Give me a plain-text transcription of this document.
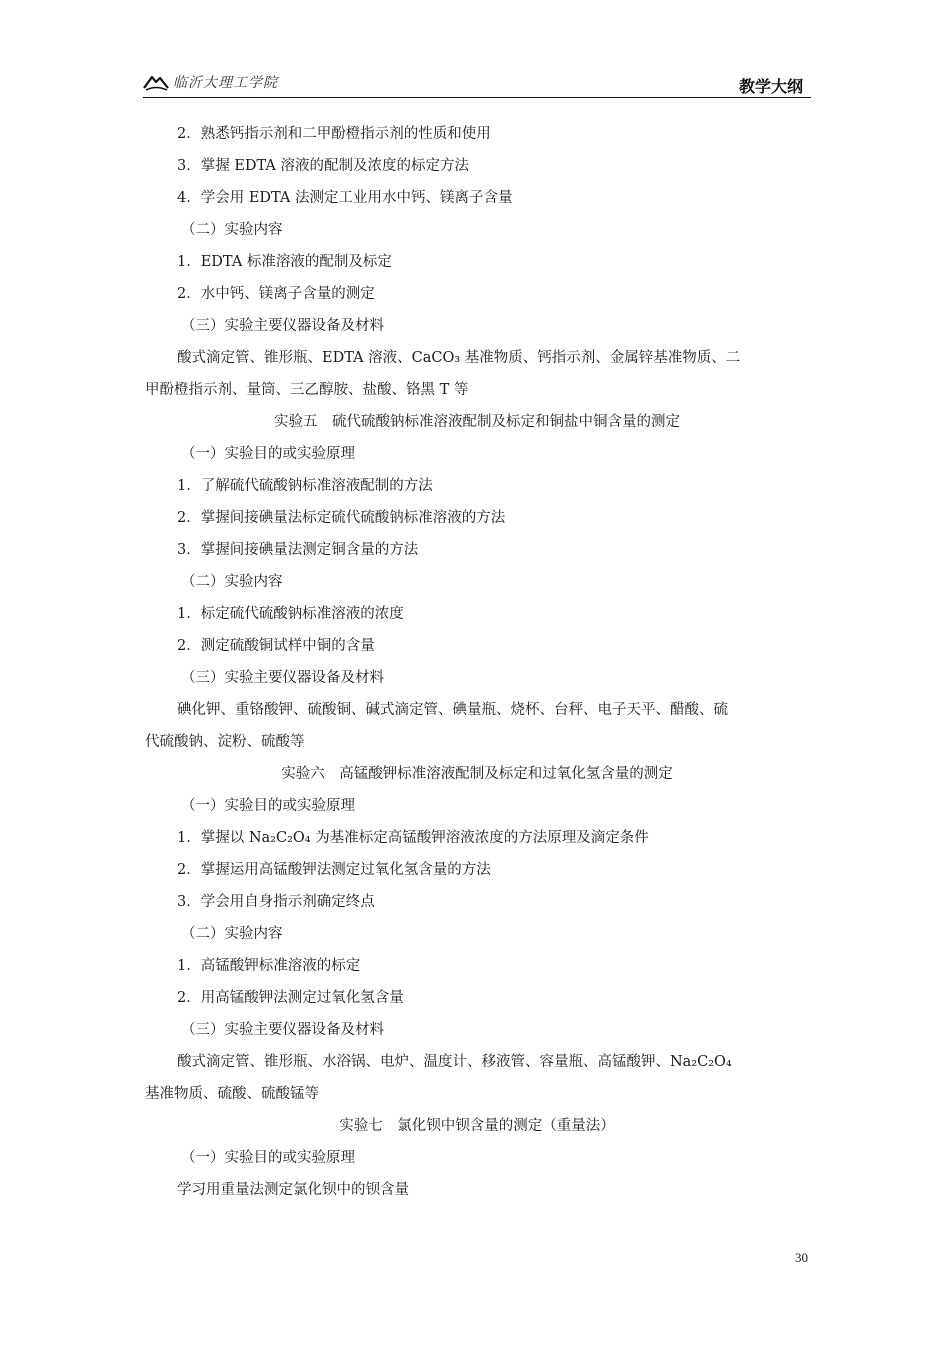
临沂大理工学院	教学大纲
2．熟悉钙指示剂和二甲酚橙指示剂的性质和使用
3．掌握 EDTA 溶液的配制及浓度的标定方法
4．学会用 EDTA 法测定工业用水中钙、镁离子含量
（二）实验内容
1．EDTA 标准溶液的配制及标定
2．水中钙、镁离子含量的测定
（三）实验主要仪器设备及材料
酸式滴定管、锥形瓶、EDTA 溶液、CaCO₃ 基准物质、钙指示剂、金属锌基准物质、二
甲酚橙指示剂、量筒、三乙醇胺、盐酸、铬黑 T 等
实验五　硫代硫酸钠标准溶液配制及标定和铜盐中铜含量的测定
（一）实验目的或实验原理
1．了解硫代硫酸钠标准溶液配制的方法
2．掌握间接碘量法标定硫代硫酸钠标准溶液的方法
3．掌握间接碘量法测定铜含量的方法
（二）实验内容
1．标定硫代硫酸钠标准溶液的浓度
2．测定硫酸铜试样中铜的含量
（三）实验主要仪器设备及材料
碘化钾、重铬酸钾、硫酸铜、碱式滴定管、碘量瓶、烧杯、台秤、电子天平、醋酸、硫
代硫酸钠、淀粉、硫酸等
实验六　高锰酸钾标准溶液配制及标定和过氧化氢含量的测定
（一）实验目的或实验原理
1．掌握以 Na₂C₂O₄ 为基准标定高锰酸钾溶液浓度的方法原理及滴定条件
2．掌握运用高锰酸钾法测定过氧化氢含量的方法
3．学会用自身指示剂确定终点
（二）实验内容
1．高锰酸钾标准溶液的标定
2．用高锰酸钾法测定过氧化氢含量
（三）实验主要仪器设备及材料
酸式滴定管、锥形瓶、水浴锅、电炉、温度计、移液管、容量瓶、高锰酸钾、Na₂C₂O₄
基准物质、硫酸、硫酸锰等
实验七　氯化钡中钡含量的测定（重量法）
（一）实验目的或实验原理
学习用重量法测定氯化钡中的钡含量
30
